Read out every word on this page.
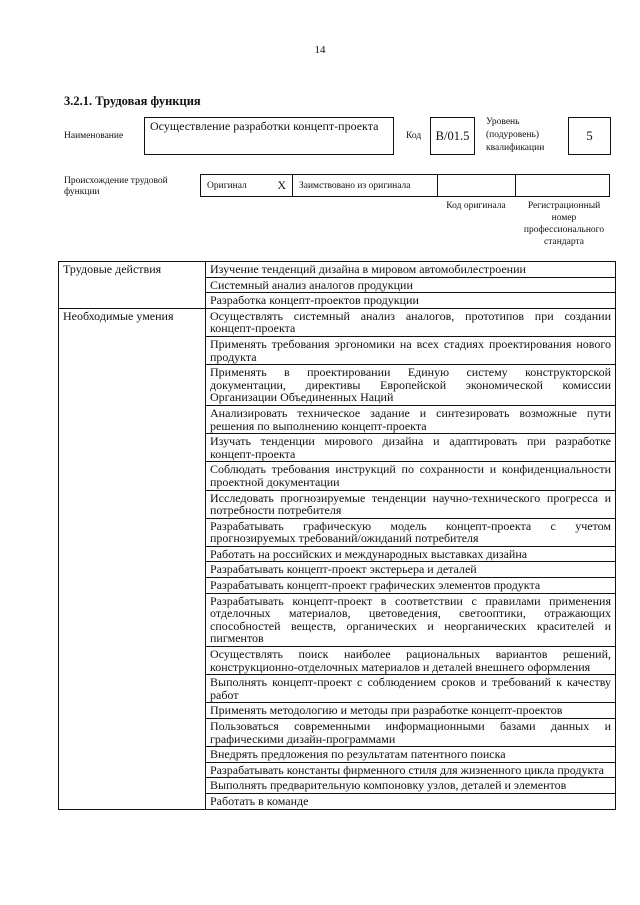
14
3.2.1. Трудовая функция
Наименование
Осуществление разработки концепт-проекта
Код	B/01.5
Уровень (подуровень) квалификации
5
Происхождение трудовой функции
Оригинал	X Заимствовано из оригинала
Код оригинала	Регистрационный номер профессионального стандарта
Трудовые действия	Изучение тенденций дизайна в мировом автомобилестроении
	Системный анализ аналогов продукции
	Разработка концепт-проектов продукции
Необходимые умения	Осуществлять системный анализ аналогов, прототипов при создании концепт-проекта
	Применять требования эргономики на всех стадиях проектирования нового продукта
	Применять в проектировании Единую систему конструкторской документации, директивы Европейской экономической комиссии Организации Объединенных Наций
	Анализировать техническое задание и синтезировать возможные пути решения по выполнению концепт-проекта
	Изучать тенденции мирового дизайна и адаптировать при разработке концепт-проекта
	Соблюдать требования инструкций по сохранности и конфиденциальности проектной документации
	Исследовать прогнозируемые тенденции научно-технического прогресса и потребности потребителя
	Разрабатывать графическую модель концепт-проекта с учетом прогнозируемых требований/ожиданий потребителя
	Работать на российских и международных выставках дизайна
	Разрабатывать концепт-проект экстерьера и деталей
	Разрабатывать концепт-проект графических элементов продукта
	Разрабатывать концепт-проект в соответствии с правилами применения отделочных материалов, цветоведения, светооптики, отражающих способностей веществ, органических и неорганических красителей и пигментов
	Осуществлять поиск наиболее рациональных вариантов решений, конструкционно-отделочных материалов и деталей внешнего оформления
	Выполнять концепт-проект с соблюдением сроков и требований к качеству работ
	Применять методологию и методы при разработке концепт-проектов
	Пользоваться современными информационными базами данных и графическими дизайн-программами
	Внедрять предложения по результатам патентного поиска
	Разрабатывать константы фирменного стиля для жизненного цикла продукта
	Выполнять предварительную компоновку узлов, деталей и элементов
	Работать в команде
